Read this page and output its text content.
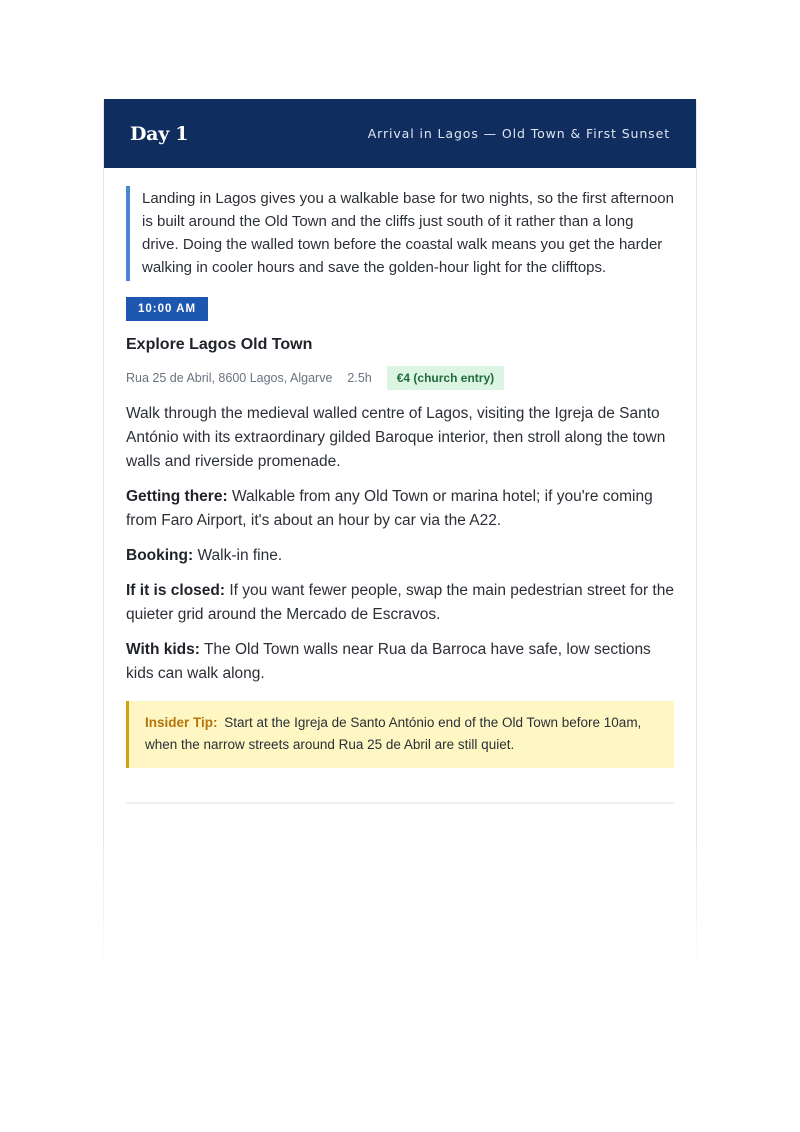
Day 1	Arrival in Lagos — Old Town & First Sunset

Landing in Lagos gives you a walkable base for two nights, so the first afternoon is built around the Old Town and the cliffs just south of it rather than a long drive. Doing the walled town before the coastal walk means you get the harder walking in cooler hours and save the golden-hour light for the clifftops.

10:00 AM
Explore Lagos Old Town
Rua 25 de Abril, 8600 Lagos, Algarve 2.5h	€4 (church entry)

Walk through the medieval walled centre of Lagos, visiting the Igreja de Santo António with its extraordinary gilded Baroque interior, then stroll along the town walls and riverside promenade.

Getting there: Walkable from any Old Town or marina hotel; if you're coming from Faro Airport, it's about an hour by car via the A22.

Booking: Walk-in fine.

If it is closed: If you want fewer people, swap the main pedestrian street for the quieter grid around the Mercado de Escravos.

With kids: The Old Town walls near Rua da Barroca have safe, low sections kids can walk along.

Insider Tip: Start at the Igreja de Santo António end of the Old Town before 10am, when the narrow streets around Rua 25 de Abril are still quiet.
